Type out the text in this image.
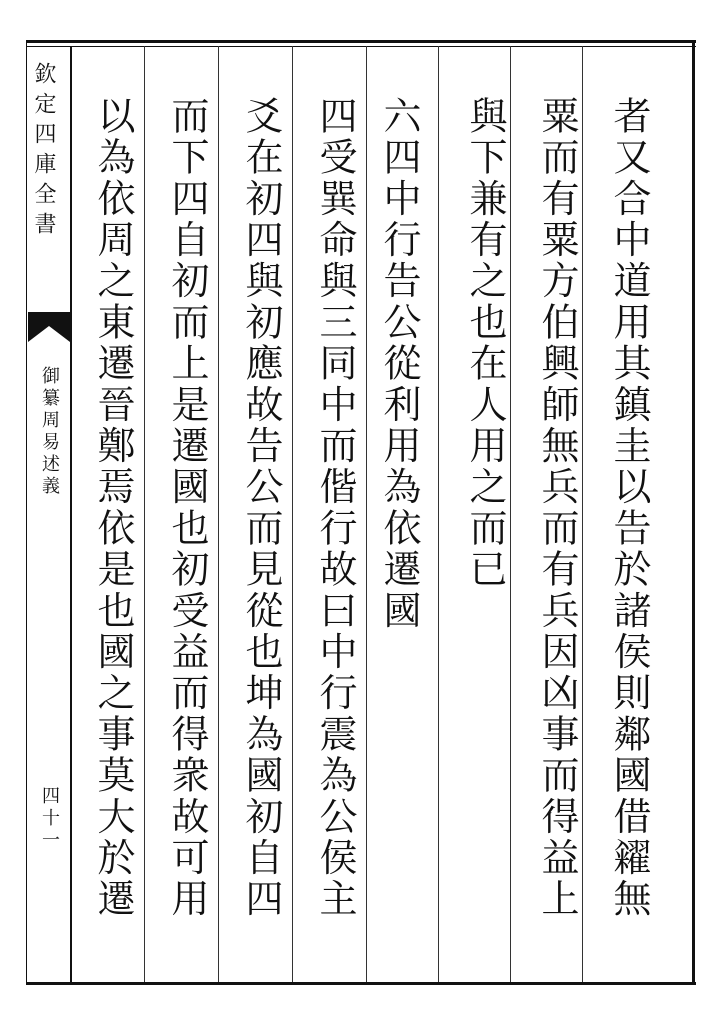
欽定四庫全書
御纂周易述義
四十一	者又合中道用其鎮圭以告於諸侯則鄰國借糴無
粟而有粟方伯興師無兵而有兵因凶事而得益上
與下兼有之也在人用之而已
六四中行告公從利用為依遷國
四受巽命與三同中而偕行故曰中行震為公侯主
爻在初四與初應故告公而見從也坤為國初自四
而下四自初而上是遷國也初受益而得衆故可用
以為依周之東遷晉鄭焉依是也國之事莫大於遷
